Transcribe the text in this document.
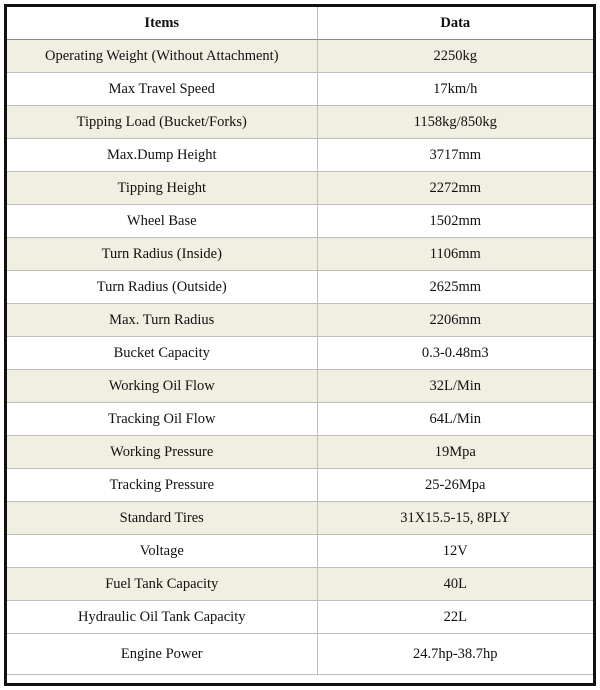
Items	Data
Operating Weight (Without Attachment)	2250kg
Max Travel Speed	17km/h
Tipping Load (Bucket/Forks)	1158kg/850kg
Max.Dump Height	3717mm
Tipping Height	2272mm
Wheel Base	1502mm
Turn Radius (Inside)	1106mm
Turn Radius (Outside)	2625mm
Max. Turn Radius	2206mm
Bucket Capacity	0.3-0.48m3
Working Oil Flow	32L/Min
Tracking Oil Flow	64L/Min
Working Pressure	19Mpa
Tracking Pressure	25-26Mpa
Standard Tires	31X15.5-15, 8PLY
Voltage	12V
Fuel Tank Capacity	40L
Hydraulic Oil Tank Capacity	22L
Engine Power	24.7hp-38.7hp
